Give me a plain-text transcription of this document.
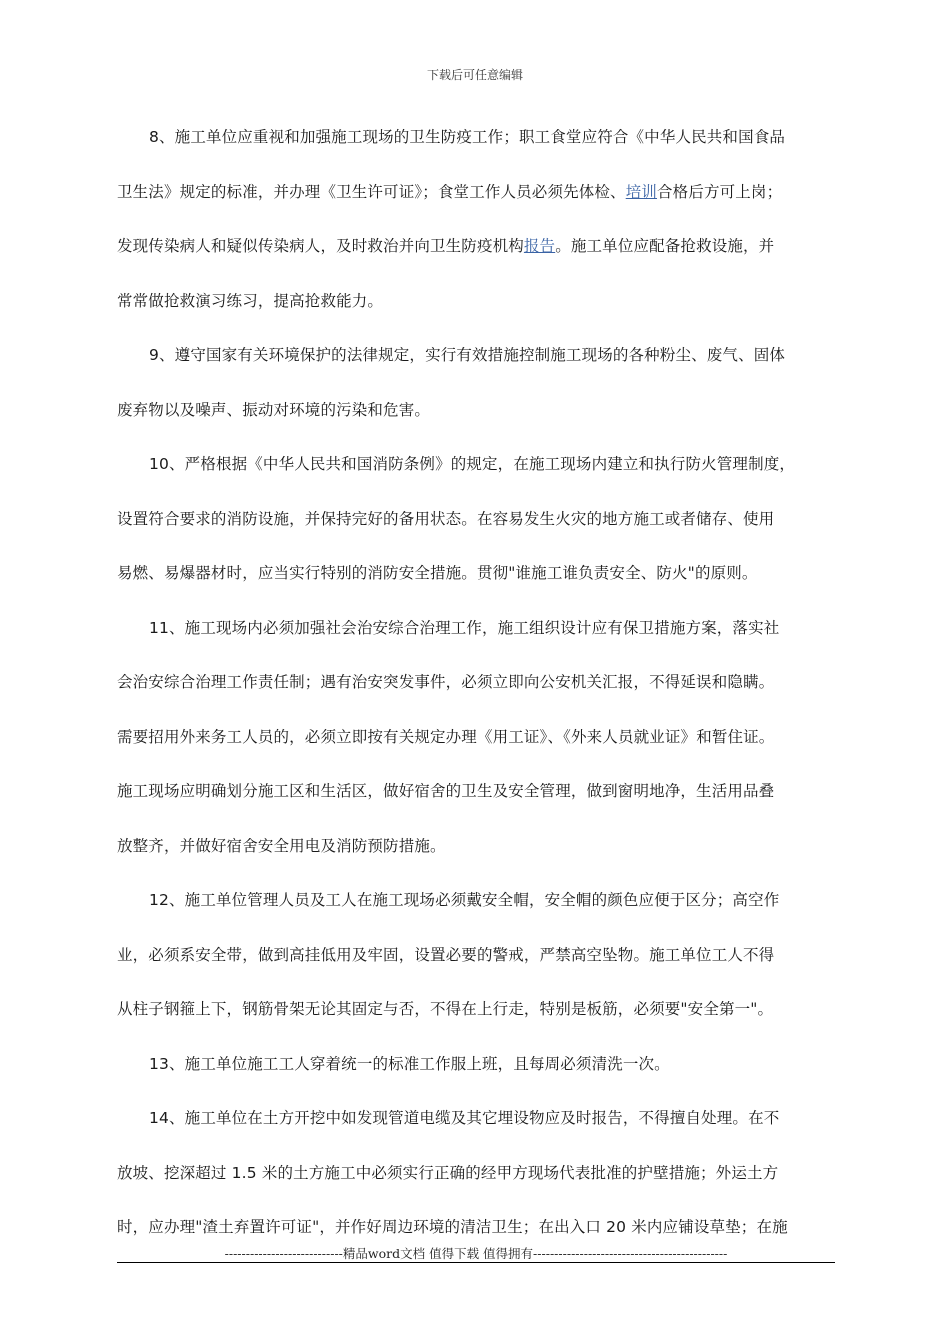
下载后可任意编辑

8、施工单位应重视和加强施工现场的卫生防疫工作；职工食堂应符合《中华人民共和国食品
卫生法》规定的标准，并办理《卫生许可证》；食堂工作人员必须先体检、培训合格后方可上岗；
发现传染病人和疑似传染病人，及时救治并向卫生防疫机构报告。施工单位应配备抢救设施，并
常常做抢救演习练习，提高抢救能力。

9、遵守国家有关环境保护的法律规定，实行有效措施控制施工现场的各种粉尘、废气、固体
废弃物以及噪声、振动对环境的污染和危害。

10、严格根据《中华人民共和国消防条例》的规定，在施工现场内建立和执行防火管理制度，
设置符合要求的消防设施，并保持完好的备用状态。在容易发生火灾的地方施工或者储存、使用
易燃、易爆器材时，应当实行特别的消防安全措施。贯彻"谁施工谁负责安全、防火"的原则。

11、施工现场内必须加强社会治安综合治理工作，施工组织设计应有保卫措施方案，落实社
会治安综合治理工作责任制；遇有治安突发事件，必须立即向公安机关汇报，不得延误和隐瞒。
需要招用外来务工人员的，必须立即按有关规定办理《用工证》、《外来人员就业证》和暂住证。
施工现场应明确划分施工区和生活区，做好宿舍的卫生及安全管理，做到窗明地净，生活用品叠
放整齐，并做好宿舍安全用电及消防预防措施。

12、施工单位管理人员及工人在施工现场必须戴安全帽，安全帽的颜色应便于区分；高空作
业，必须系安全带，做到高挂低用及牢固，设置必要的警戒，严禁高空坠物。施工单位工人不得
从柱子钢箍上下，钢筋骨架无论其固定与否，不得在上行走，特别是板筋，必须要"安全第一"。

13、施工单位施工工人穿着统一的标准工作服上班，且每周必须清洗一次。

14、施工单位在土方开挖中如发现管道电缆及其它埋设物应及时报告，不得擅自处理。在不
放坡、挖深超过 1.5 米的土方施工中必须实行正确的经甲方现场代表批准的护壁措施；外运土方
时，应办理"渣土弃置许可证"，并作好周边环境的清洁卫生；在出入口 20 米内应铺设草垫；在施

----------------------------精品word文档 值得下载 值得拥有----------------------------------------------
